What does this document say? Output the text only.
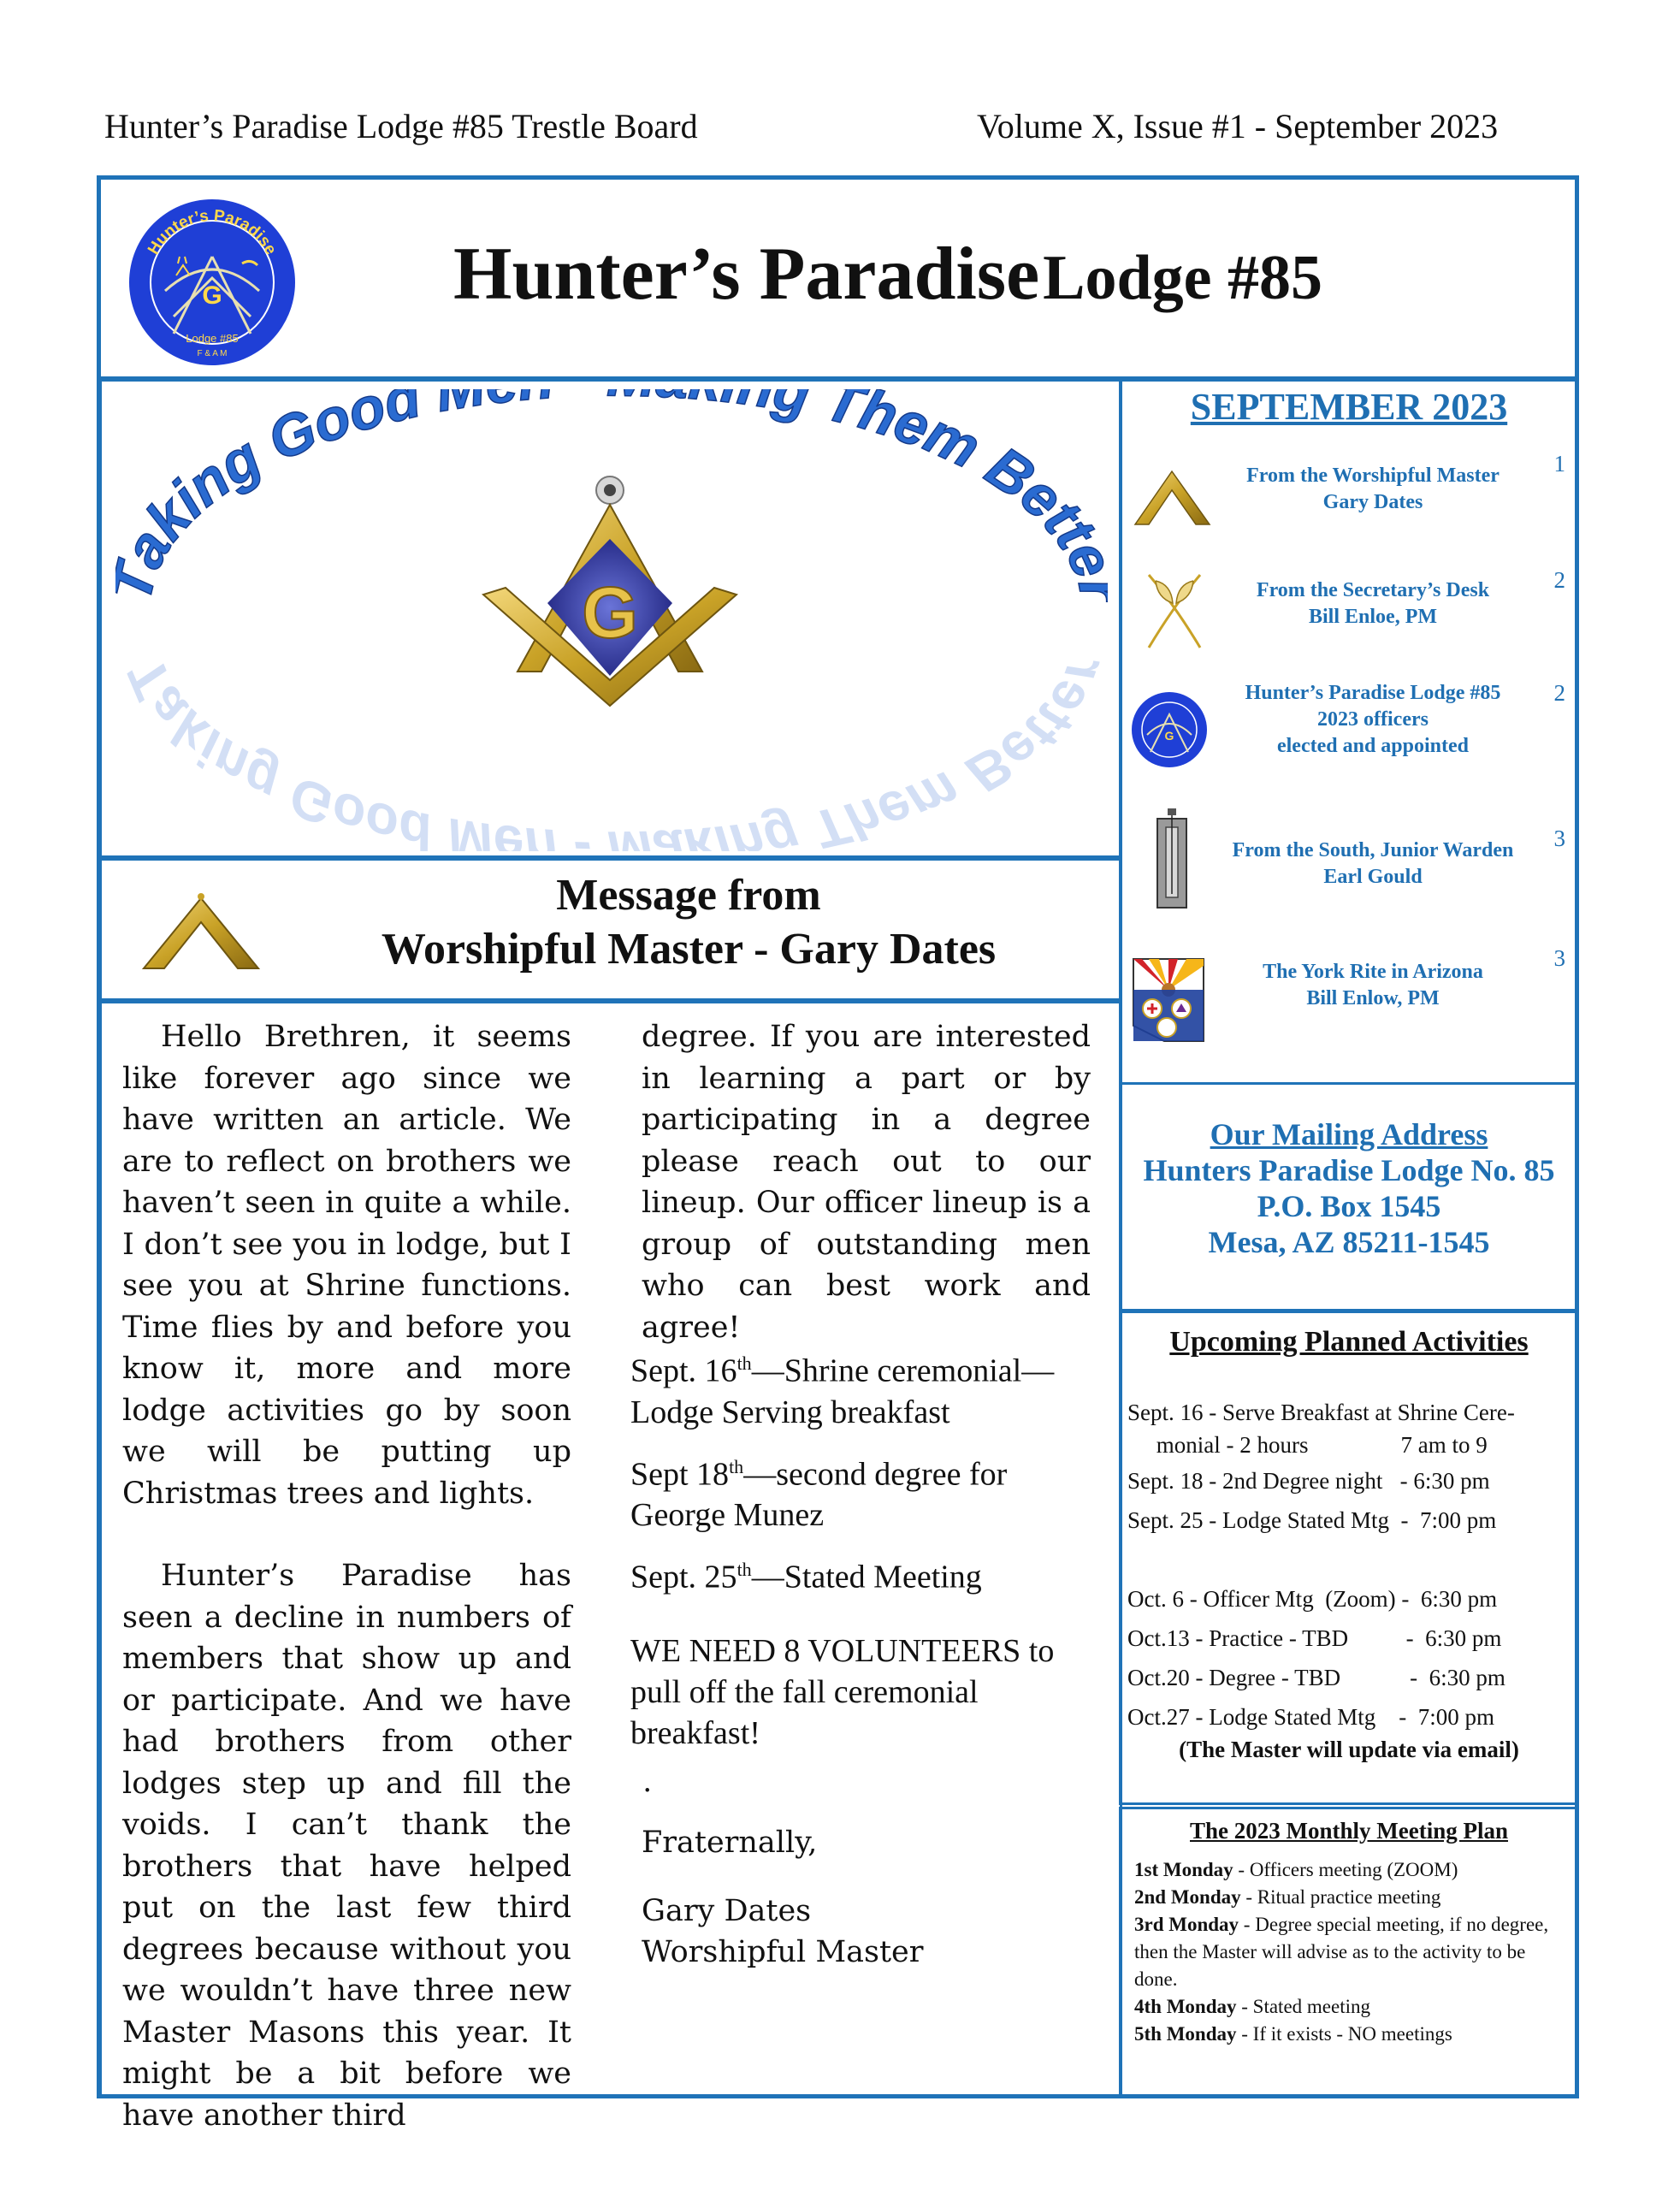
Hunter’s Paradise Lodge #85 Trestle Board	Volume X, Issue #1 - September 2023
Hunter’s Paradise
G
Lodge #85
F & A M
Hunter’s Paradise Lodge #85
aking Good g Them Bett
Taking Good Men - Making Them Bette
G
Message from
Worshipful Master - Gary Dates

Hello Brethren, it seems like forever ago since we have written an article. We are to reflect on brothers we haven’t seen in quite a while. I don’t see you in lodge, but I see you at Shrine functions. Time flies by and before you know it, more and more lodge activities go by soon we will be putting up Christmas trees and lights.

Hunter’s Paradise has seen a decline in numbers of members that show up and or participate. And we have had brothers from other lodges step up and fill the voids. I can’t thank the brothers that have helped put on the last few third degrees because without you we wouldn’t have three new Master Masons this year. It might be a bit before we have another third

degree. If you are interested in learning a part or by participating in a degree please reach out to our lineup. Our officer lineup is a group of outstanding men who can best work and agree!

Sept. 16th—Shrine ceremonial—
Lodge Serving breakfast
Sept 18th—second degree for
George Munez
Sept. 25th—Stated Meeting
WE NEED 8 VOLUNTEERS to pull off the fall ceremonial breakfast!
.
Fraternally,
Gary Dates
Worshipful Master
SEPTEMBER 2023
From the Worshipful Master
Gary Dates
1
From the Secretary’s Desk
Bill Enloe, PM
2
G
Hunter’s Paradise Lodge #85
2023 officers
elected and appointed
2
From the South, Junior Warden
Earl Gould
3
The York Rite in Arizona
Bill Enlow, PM
3
Our Mailing Address
Hunters Paradise Lodge No. 85
P.O. Box 1545
Mesa, AZ 85211-1545
Upcoming Planned Activities
Sept. 16 - Serve Breakfast at Shrine Cere-
monial - 2 hours                7 am to 9
Sept. 18 - 2nd Degree night   - 6:30 pm
Sept. 25 - Lodge Stated Mtg  -  7:00 pm
Oct. 6 - Officer Mtg  (Zoom) -  6:30 pm
Oct.13 - Practice - TBD          -  6:30 pm
Oct.20 - Degree - TBD            -  6:30 pm
Oct.27 - Lodge Stated Mtg    -  7:00 pm
(The Master will update via email)
The 2023 Monthly Meeting Plan
1st Monday - Officers meeting (ZOOM)
2nd Monday - Ritual practice meeting
3rd Monday - Degree special meeting, if no degree, then the Master will advise as to the activity to be done.
4th Monday - Stated meeting
5th Monday - If it exists - NO meetings
